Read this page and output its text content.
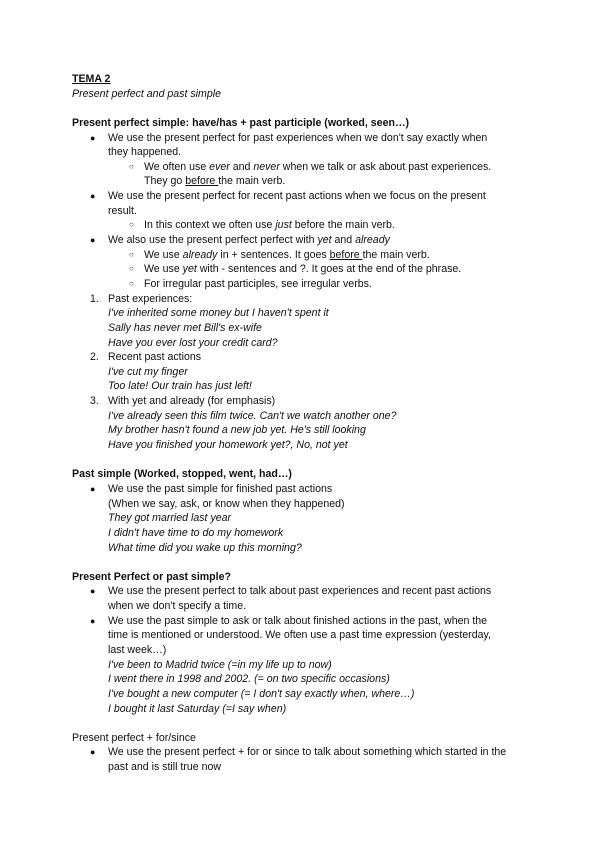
TEMA 2
Present perfect and past simple
Present perfect simple: have/has + past participle (worked, seen…)
● We use the present perfect for past experiences when we don't say exactly when
they happened.
○ We often use ever and never when we talk or ask about past experiences.
They go before the main verb.
● We use the present perfect for recent past actions when we focus on the present
result.
○ In this context we often use just before the main verb.
● We also use the present perfect perfect with yet and already
○ We use already in + sentences. It goes before the main verb.
○ We use yet with - sentences and ?. It goes at the end of the phrase.
○ For irregular past participles, see irregular verbs.
1. Past experiences:
I've inherited some money but I haven't spent it
Sally has never met Bill's ex-wife
Have you ever lost your credit card?
2. Recent past actions
I've cut my finger
Too late! Our train has just left!
3. With yet and already (for emphasis)
I've already seen this film twice. Can't we watch another one?
My brother hasn't found a new job yet. He's still looking
Have you finished your homework yet?, No, not yet
Past simple (Worked, stopped, went, had…)
● We use the past simple for finished past actions
(When we say, ask, or know when they happened)
They got married last year
I didn't have time to do my homework
What time did you wake up this morning?
Present Perfect or past simple?
● We use the present perfect to talk about past experiences and recent past actions
when we don't specify a time.
● We use the past simple to ask or talk about finished actions in the past, when the
time is mentioned or understood. We often use a past time expression (yesterday,
last week…)
I've been to Madrid twice (=in my life up to now)
I went there in 1998 and 2002. (= on two specific occasions)
I've bought a new computer (= I don't say exactly when, where…)
I bought it last Saturday (=I say when)
Present perfect + for/since
● We use the present perfect + for or since to talk about something which started in the
past and is still true now
